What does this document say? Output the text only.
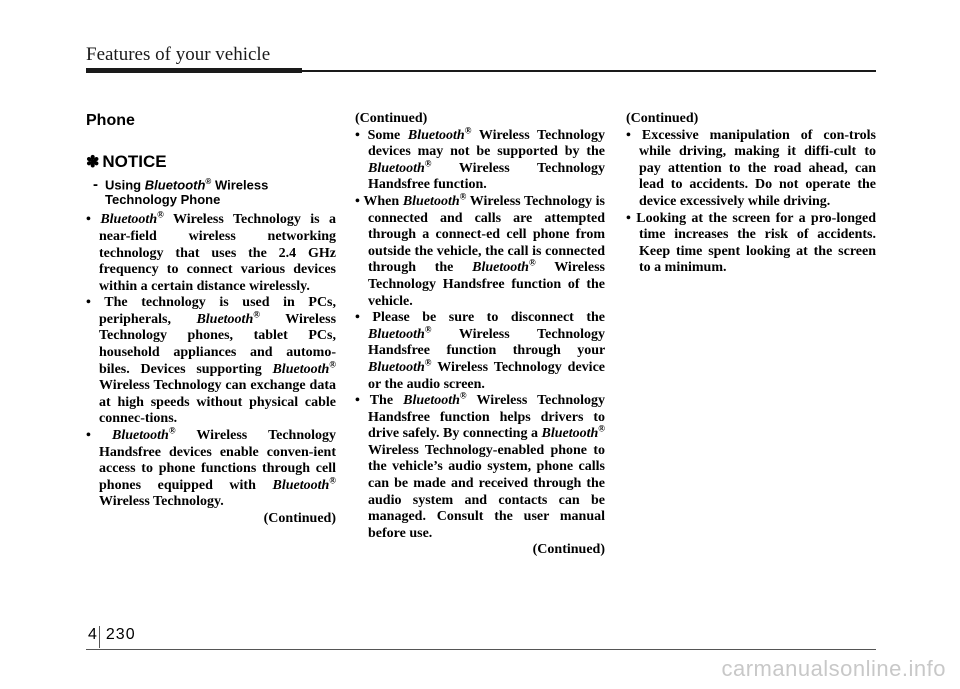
Features of your vehicle
Phone
✽ NOTICE
- Using Bluetooth® Wireless Technology Phone
• Bluetooth® Wireless Technology is a near-field wireless networking technology that uses the 2.4 GHz frequency to connect various devices within a certain distance wirelessly.
• The technology is used in PCs, peripherals, Bluetooth® Wireless Technology phones, tablet PCs, household appliances and automo-biles. Devices supporting Bluetooth® Wireless Technology can exchange data at high speeds without physical cable connec-tions.
• Bluetooth® Wireless Technology Handsfree devices enable conven-ient access to phone functions through cell phones equipped with Bluetooth® Wireless Technology.
(Continued)
(Continued)
• Some Bluetooth® Wireless Technology devices may not be supported by the Bluetooth® Wireless Technology Handsfree function.
• When Bluetooth® Wireless Technology is connected and calls are attempted through a connect-ed cell phone from outside the vehicle, the call is connected through the Bluetooth® Wireless Technology Handsfree function of the vehicle.
• Please be sure to disconnect the Bluetooth® Wireless Technology Handsfree function through your Bluetooth® Wireless Technology device or the audio screen.
• The Bluetooth® Wireless Technology Handsfree function helps drivers to drive safely. By connecting a Bluetooth® Wireless Technology-enabled phone to the vehicle’s audio system, phone calls can be made and received through the audio system and contacts can be managed. Consult the user manual before use.
(Continued)
(Continued)
• Excessive manipulation of con-trols while driving, making it diffi-cult to pay attention to the road ahead, can lead to accidents. Do not operate the device excessively while driving.
• Looking at the screen for a pro-longed time increases the risk of accidents. Keep time spent looking at the screen to a minimum.
4 230
carmanualsonline.info
